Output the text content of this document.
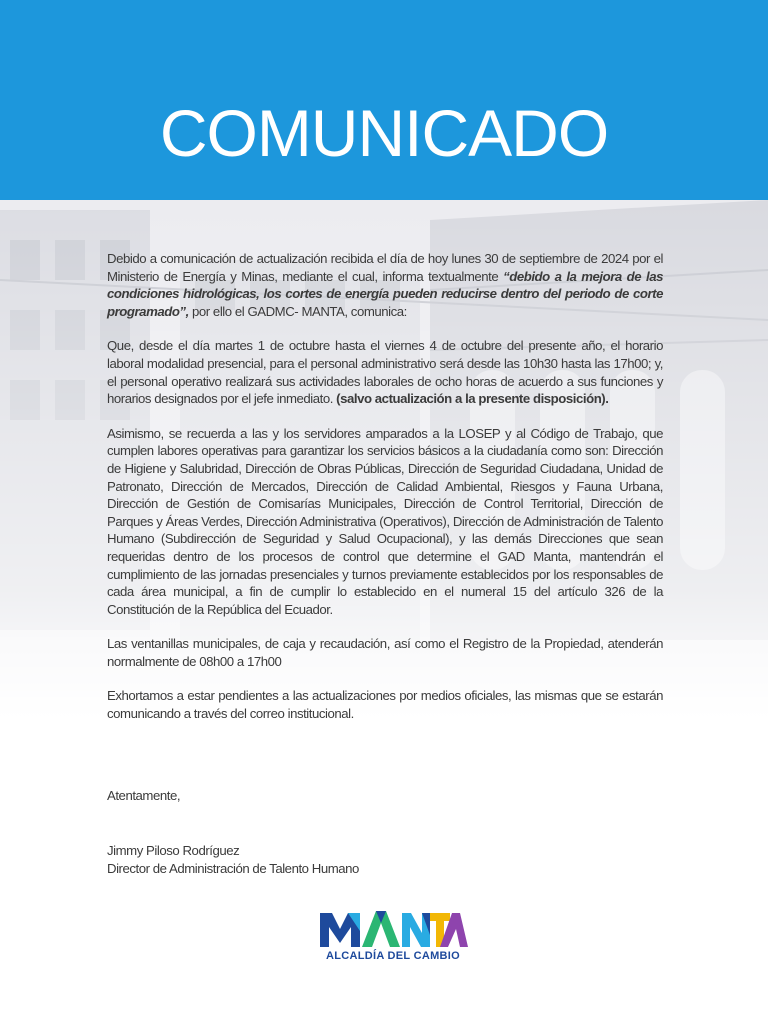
COMUNICADO

Debido a comunicación de actualización recibida el día de hoy lunes 30 de septiembre de 2024 por el Ministerio de Energía y Minas, mediante el cual, informa textualmente “debido a la mejora de las condiciones hidrológicas, los cortes de energía pueden reducirse dentro del periodo de corte programado”, por ello el GADMC- MANTA, comunica:

Que, desde el día martes 1 de octubre hasta el viernes 4 de octubre del presente año, el horario laboral modalidad presencial, para el personal administrativo será desde las 10h30 hasta las 17h00; y, el personal operativo realizará sus actividades laborales de ocho horas de acuerdo a sus funciones y horarios designados por el jefe inmediato. (salvo actualización a la presente disposición).

Asimismo, se recuerda a las y los servidores amparados a la LOSEP y al Código de Trabajo, que cumplen labores operativas para garantizar los servicios básicos a la ciudadanía como son: Dirección de Higiene y Salubridad, Dirección de Obras Públicas, Dirección de Seguridad Ciudadana, Unidad de Patronato, Dirección de Mercados, Dirección de Calidad Ambiental, Riesgos y Fauna Urbana, Dirección de Gestión de Comisarías Municipales, Dirección de Control Territorial, Dirección de Parques y Áreas Verdes, Dirección Administrativa (Operativos), Dirección de Administración de Talento Humano (Subdirección de Seguridad y Salud Ocupacional), y las demás Direcciones que sean requeridas dentro de los procesos de control que determine el GAD Manta, mantendrán el cumplimiento de las jornadas presenciales y turnos previamente establecidos por los responsables de cada área municipal, a fin de cumplir lo establecido en el numeral 15 del artículo 326 de la Constitución de la República del Ecuador.

Las ventanillas municipales, de caja y recaudación, así como el Registro de la Propiedad, atenderán normalmente de 08h00 a 17h00

Exhortamos a estar pendientes a las actualizaciones por medios oficiales, las mismas que se estarán comunicando a través del correo institucional.

Atentamente,
Jimmy Piloso Rodríguez
Director de Administración de Talento Humano
ALCALDÍA DEL CAMBIO
